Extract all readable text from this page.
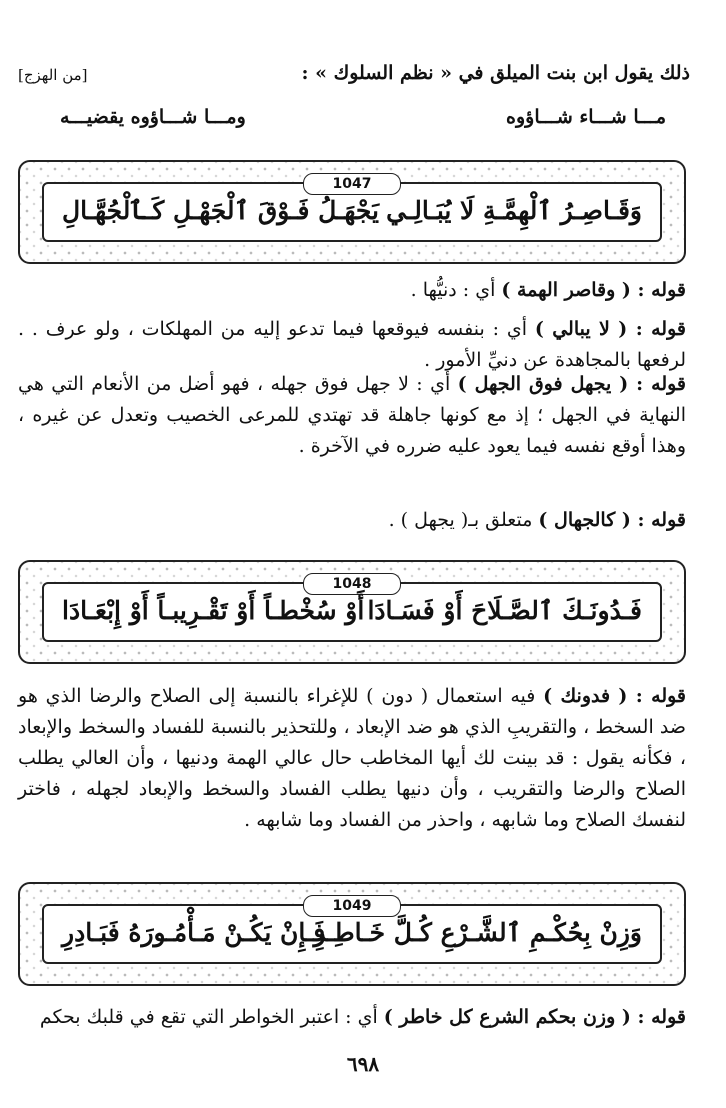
ذلك يقول ابن بنت الميلق في « نظم السلوك » :
[من الهزج]
مـــا شـــاء شـــاؤوه
ومـــا شـــاؤوه يقضيـــه
1047
وَقَـاصِـرُ ٱلْهِمَّـةِ لَا يُبَـالِـي
يَجْهَـلُ فَـوْقَ ٱلْجَهْـلِ كَـٱلْجُهَّـالِ
قوله : ( وقاصر الهمة ) أي : دنيُّها .
قوله : ( لا يبالي ) أي : بنفسه فيوقعها فيما تدعو إليه من المهلكات ، ولو عرف . . لرفعها بالمجاهدة عن دنيِّ الأمور .
قوله : ( يجهل فوق الجهل ) أي : لا جهل فوق جهله ، فهو أضل من الأنعام التي هي النهاية في الجهل ؛ إذ مع كونها جاهلة قد تهتدي للمرعى الخصيب وتعدل عن غيره ، وهذا أوقع نفسه فيما يعود عليه ضرره في الآخرة .
قوله : ( كالجهال ) متعلق بـ( يجهل ) .
1048
فَـدُونَـكَ ٱلصَّـلَاحَ أَوْ فَسَـادَا
أَوْ سُخْطـاً أَوْ تَقْـرِيبـاً أَوْ إِبْعَـادَا
قوله : ( فدونك ) فيه استعمال ( دون ) للإغراء بالنسبة إلى الصلاح والرضا الذي هو ضد السخط ، والتقريبِ الذي هو ضد الإبعاد ، وللتحذير بالنسبة للفساد والسخط والإبعاد ، فكأنه يقول : قد بينت لك أيها المخاطب حال عالي الهمة ودنيها ، وأن العالي يطلب الصلاح والرضا والتقريب ، وأن دنيها يطلب الفساد والسخط والإبعاد لجهله ، فاختر لنفسك الصلاح وما شابهه ، واحذر من الفساد وما شابهه .
1049
وَزِنْ بِحُكْـمِ ٱلشَّـرْعِ كُـلَّ خَـاطِـرِ
فَـإِنْ يَكُـنْ مَـأْمُـورَهُ فَبَـادِرِ
قوله : ( وزن بحكم الشرع كل خاطر ) أي : اعتبر الخواطر التي تقع في قلبك بحكم
٦٩٨
